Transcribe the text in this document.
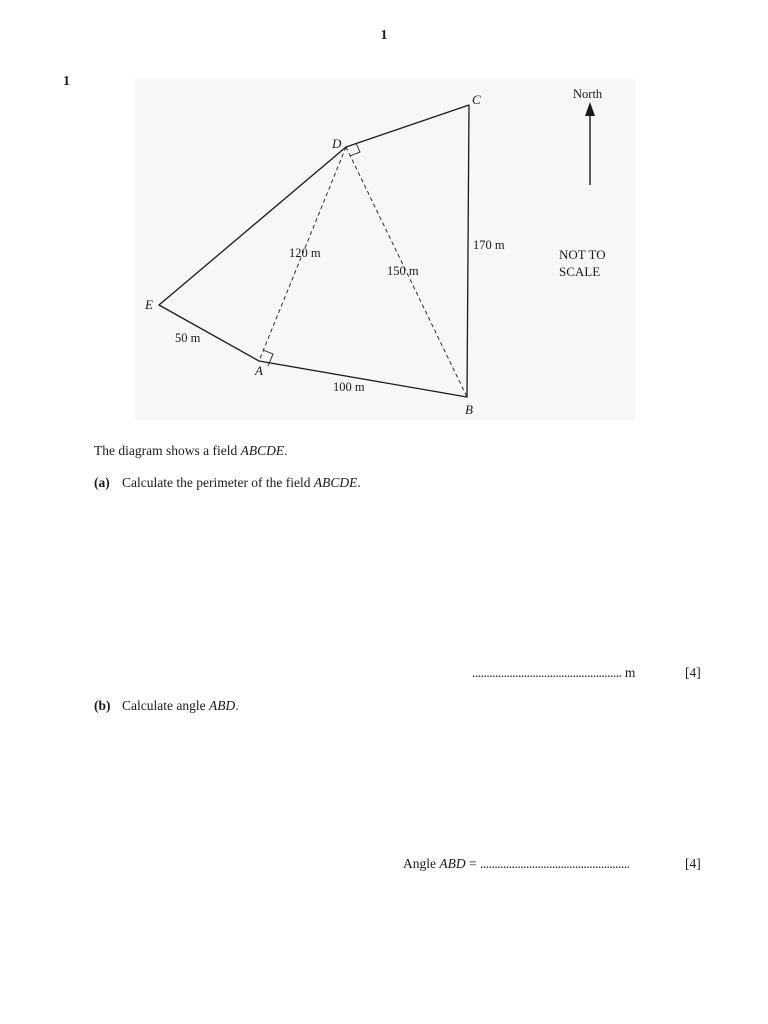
1
1
E
A
B
C
D
50 m
100 m
170 m
120 m
150 m
North
NOT TO
SCALE
The diagram shows a field ABCDE.
(a) Calculate the perimeter of the field ABCDE.
.................................................... m	[4]
(b) Calculate angle ABD.
Angle ABD = ....................................................	[4]
